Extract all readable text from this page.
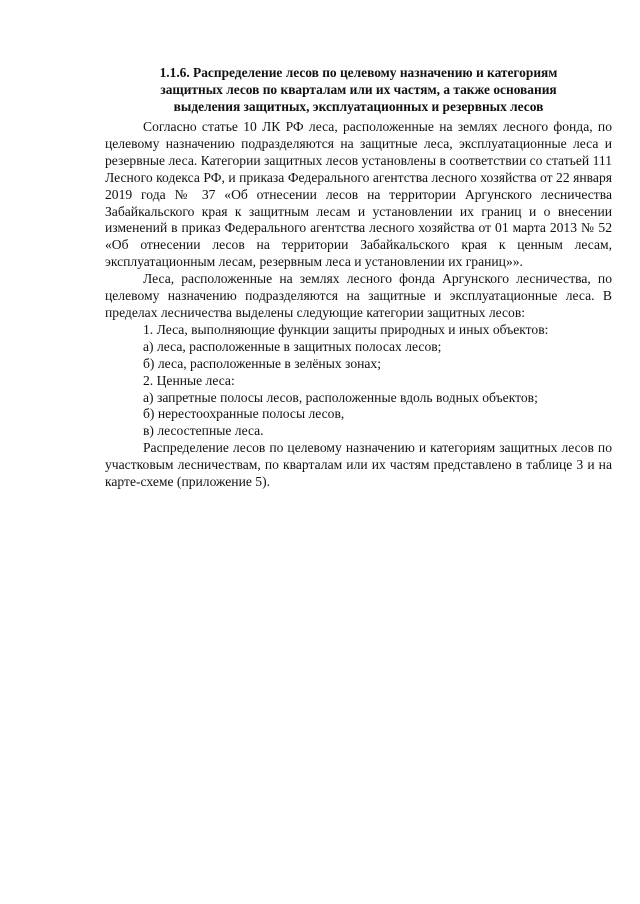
1.1.6. Распределение лесов по целевому назначению и категориям
защитных лесов по кварталам или их частям, а также основания
выделения защитных, эксплуатационных и резервных лесов

Согласно статье 10 ЛК РФ леса, расположенные на землях лесного фонда, по целевому назначению подразделяются на защитные леса, эксплуатационные леса и резервные леса. Категории защитных лесов установлены в соответствии со статьей 111 Лесного кодекса РФ, и приказа Федерального агентства лесного хозяйства от 22 января 2019 года № 37 «Об отнесении лесов на территории Аргунского лесничества Забайкальского края к защитным лесам и установлении их границ и о внесении изменений в приказ Федерального агентства лесного хозяйства от 01 марта 2013 № 52 «Об отнесении лесов на территории Забайкальского края к ценным лесам, эксплуатационным лесам, резервным леса и установлении их границ»».

Леса, расположенные на землях лесного фонда Аргунского лесничества, по целевому назначению подразделяются на защитные и эксплуатационные леса. В пределах лесничества выделены следующие категории защитных лесов:

1. Леса, выполняющие функции защиты природных и иных объектов:

а) леса, расположенные в защитных полосах лесов;

б) леса, расположенные в зелёных зонах;

2. Ценные леса:

а) запретные полосы лесов, расположенные вдоль водных объектов;

б) нерестоохранные полосы лесов,

в) лесостепные леса.

Распределение лесов по целевому назначению и категориям защитных лесов по участковым лесничествам, по кварталам или их частям представлено в таблице 3 и на карте-схеме (приложение 5).
